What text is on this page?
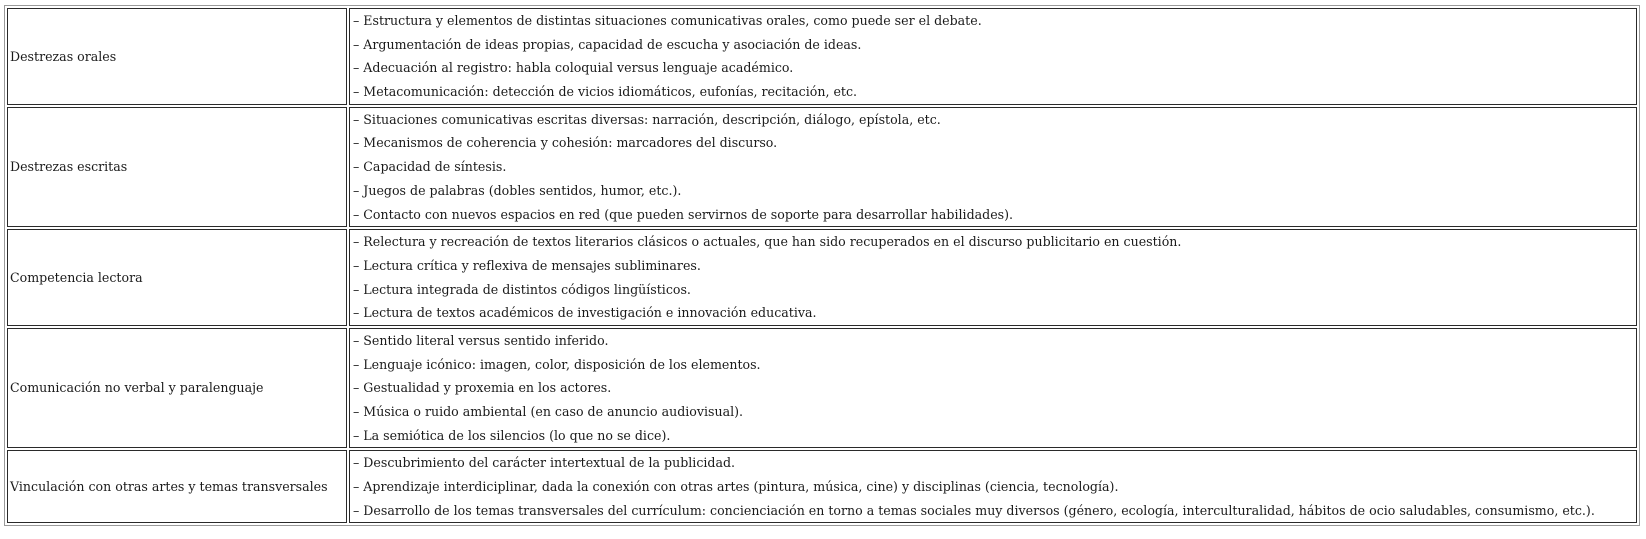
Destrezas orales	– Estructura y elementos de distintas situaciones comunicativas orales, como puede ser el debate.
– Argumentación de ideas propias, capacidad de escucha y asociación de ideas.
– Adecuación al registro: habla coloquial versus lenguaje académico.
– Metacomunicación: detección de vicios idiomáticos, eufonías, recitación, etc.

Destrezas escritas	– Situaciones comunicativas escritas diversas: narración, descripción, diálogo, epístola, etc.
– Mecanismos de coherencia y cohesión: marcadores del discurso.
– Capacidad de síntesis.
– Juegos de palabras (dobles sentidos, humor, etc.).
– Contacto con nuevos espacios en red (que pueden servirnos de soporte para desarrollar habilidades).

Competencia lectora	– Relectura y recreación de textos literarios clásicos o actuales, que han sido recuperados en el discurso publicitario en cuestión.
– Lectura crítica y reflexiva de mensajes subliminares.
– Lectura integrada de distintos códigos lingüísticos.
– Lectura de textos académicos de investigación e innovación educativa.

Comunicación no verbal y paralenguaje	– Sentido literal versus sentido inferido.
– Lenguaje icónico: imagen, color, disposición de los elementos.
– Gestualidad y proxemia en los actores.
– Música o ruido ambiental (en caso de anuncio audiovisual).
– La semiótica de los silencios (lo que no se dice).

Vinculación con otras artes y temas transversales	– Descubrimiento del carácter intertextual de la publicidad.
– Aprendizaje interdiciplinar, dada la conexión con otras artes (pintura, música, cine) y disciplinas (ciencia, tecnología).
– Desarrollo de los temas transversales del currículum: concienciación en torno a temas sociales muy diversos (género, ecología, interculturalidad, hábitos de ocio saludables, consumismo, etc.).
